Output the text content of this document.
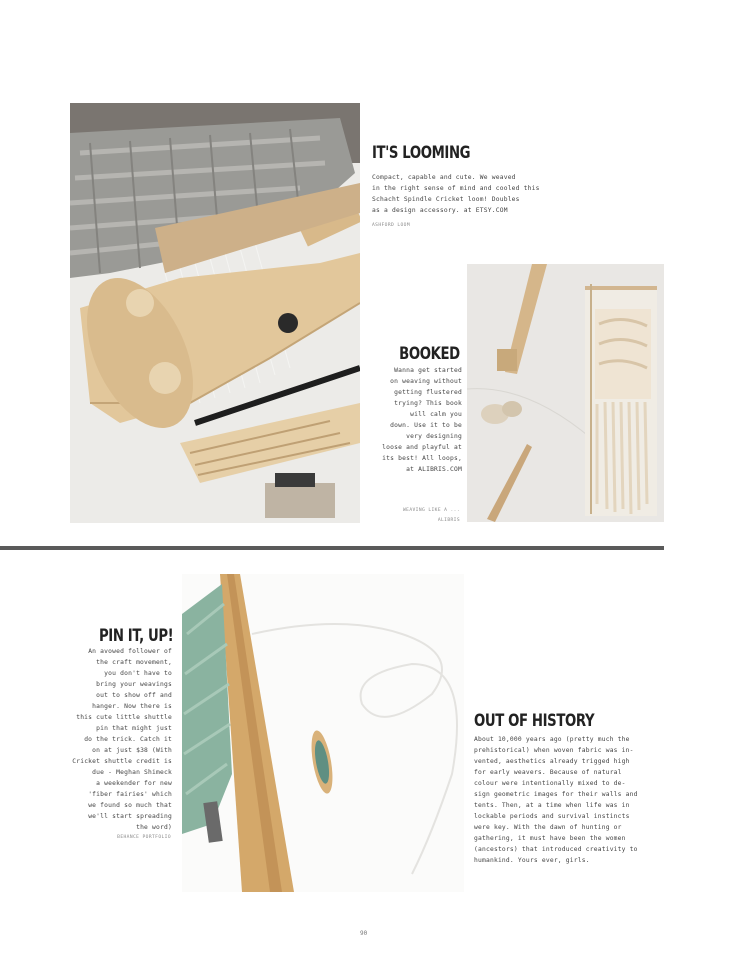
IT'S LOOMING
Compact, capable and cute. We weaved
in the right sense of mind and cooled this
Schacht Spindle Cricket loom! Doubles
as a design accessory. at ETSY.COM
ASHFORD LOOM
BOOKED
Wanna get started
on weaving without
getting flustered
trying? This book
will calm you
down. Use it to be
very designing
loose and playful at
its best! All loops,
at ALIBRIS.COM
WEAVING LIKE A ...
ALIBRIS
PIN IT, UP!
An avowed follower of
the craft movement,
you don't have to
bring your weavings
out to show off and
hanger. Now there is
this cute little shuttle
pin that might just
do the trick. Catch it
on at just $38 (With
Cricket shuttle credit is
due - Meghan Shimeck
a weekender for new
'fiber fairies' which
we found so much that
we'll start spreading
the word)
BEHANCE PORTFOLIO
OUT OF HISTORY
About 10,000 years ago (pretty much the
prehistorical) when woven fabric was in-
vented, aesthetics already trigged high
for early weavers. Because of natural
colour were intentionally mixed to de-
sign geometric images for their walls and
tents. Then, at a time when life was in
lockable periods and survival instincts
were key. With the dawn of hunting or
gathering, it must have been the women
(ancestors) that introduced creativity to
humankind. Yours ever, girls.
90
